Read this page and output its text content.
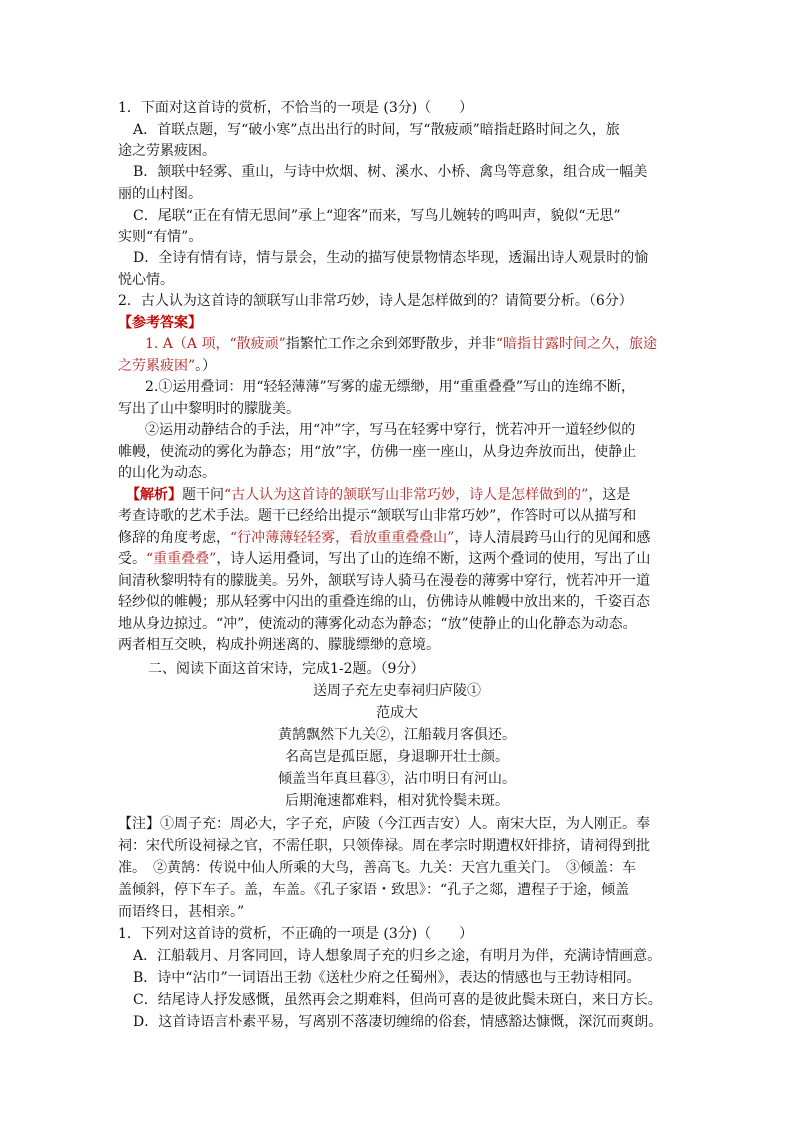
1．下面对这首诗的赏析，不恰当的一项是 (3分)（　　）
A．首联点题，写“破小寒”点出出行的时间，写“散疲顽”暗指赶路时间之久，旅
途之劳累疲困。
B．颔联中轻雾、重山，与诗中炊烟、树、溪水、小桥、禽鸟等意象，组合成一幅美
丽的山村图。
C．尾联“正在有情无思间”承上“迎客”而来，写鸟儿婉转的鸣叫声，貌似“无思”
实则“有情”。
D．全诗有情有诗，情与景会，生动的描写使景物情态毕现，透漏出诗人观景时的愉
悦心情。
2．古人认为这首诗的颔联写山非常巧妙，诗人是怎样做到的？请简要分析。（6分）
【参考答案】
1. A（A 项，“散疲顽”指繁忙工作之余到郊野散步，并非“暗指甘露时间之久，旅途
之劳累疲困”。）
2.①运用叠词：用“轻轻薄薄”写雾的虚无缥缈，用“重重叠叠”写山的连绵不断，
写出了山中黎明时的朦胧美。
②运用动静结合的手法，用“冲”字，写马在轻雾中穿行，恍若冲开一道轻纱似的
帷幔，使流动的雾化为静态；用“放”字，仿佛一座一座山，从身边奔放而出，使静止
的山化为动态。
【解析】题干问“古人认为这首诗的颔联写山非常巧妙，诗人是怎样做到的”，这是
考查诗歌的艺术手法。题干已经给出提示“颔联写山非常巧妙”，作答时可以从描写和
修辞的角度考虑，“行冲薄薄轻轻雾，看放重重叠叠山”，诗人清晨跨马山行的见闻和感
受。“重重叠叠”，诗人运用叠词，写出了山的连绵不断，这两个叠词的使用，写出了山
间清秋黎明特有的朦胧美。另外，颔联写诗人骑马在漫卷的薄雾中穿行，恍若冲开一道
轻纱似的帷幔；那从轻雾中闪出的重叠连绵的山，仿佛诗从帷幔中放出来的，千姿百态
地从身边掠过。“冲”，使流动的薄雾化动态为静态；“放”使静止的山化静态为动态。
两者相互交映，构成扑朔迷离的、朦胧缥缈的意境。
二、阅读下面这首宋诗，完成1-2题。（9分）
送周子充左史奉祠归庐陵①
范成大
黄鹄飘然下九关②，江船载月客俱还。
名高岂是孤臣愿，身退聊开壮士颜。
倾盖当年真旦暮③，沾巾明日有河山。
后期淹速都难料，相对犹怜鬓未斑。
【注】①周子充：周必大，字子充，庐陵（今江西吉安）人。南宋大臣，为人刚正。奉
祠：宋代所设祠禄之官，不需任职，只领俸禄。周在孝宗时期遭权奸排挤，请祠得到批
准。　②黄鹄：传说中仙人所乘的大鸟，善高飞。九关：天宫九重关门。　③倾盖：车
盖倾斜，停下车子。盖，车盖。《孔子家语・致思》：“孔子之郯，遭程子于途，倾盖
而语终日，甚相亲。”
1．下列对这首诗的赏析，不正确的一项是 (3分)（　　）
A．江船载月、月客同回，诗人想象周子充的归乡之途，有明月为伴，充满诗情画意。
B．诗中“沾巾”一词语出王勃《送杜少府之任蜀州》，表达的情感也与王勃诗相同。
C．结尾诗人抒发感慨，虽然再会之期难料，但尚可喜的是彼此鬓未斑白，来日方长。
D．这首诗语言朴素平易，写离别不落凄切缠绵的俗套，情感豁达慷慨，深沉而爽朗。
